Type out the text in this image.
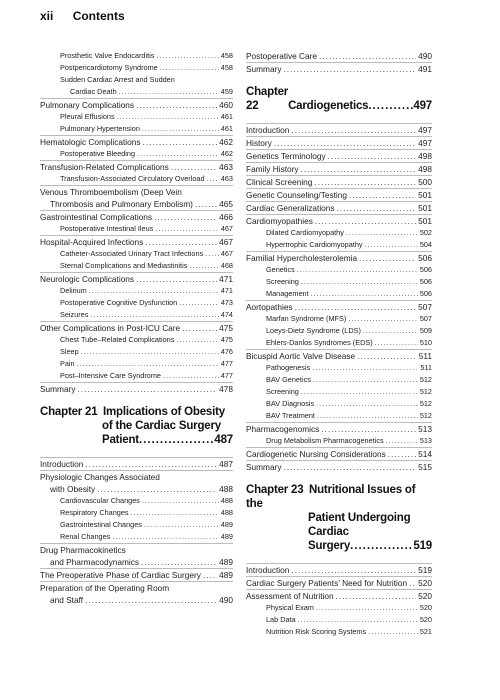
xii Contents
Prosthetic Valve Endocarditis .....	458
Postpericardiotomy Syndrome .....	458
Sudden Cardiac Arrest and Sudden
Cardiac Death .....	459
Pulmonary Complications .....	460
Pleural Effusions .....	461
Pulmonary Hypertension .....	461
Hematologic Complications .....	462
Postoperative Bleeding .....	462
Transfusion-Related Complications .....	463
Transfusion-Associated Circulatory Overload ..... 463
Venous Thromboembolism (Deep Vein
Thrombosis and Pulmonary Embolism) .....	465
Gastrointestinal Complications .....	466
Postoperative Intestinal Ileus .....	467
Hospital-Acquired Infections .....	467
Catheter-Associated Urinary Tract Infections ..... 467
Sternal Complications and Mediastinitis .....	468
Neurologic Complications .....	471
Delirium .....	471
Postoperative Cognitive Dysfunction .....	473
Seizures .....	474
Other Complications in Post-ICU Care .....	475
Chest Tube–Related Complications .....	475
Sleep .....	476
Pain .....	477
Post–Intensive Care Syndrome .....	477
Summary .....	478
Chapter 21 Implications of Obesity
of the Cardiac Surgery
Patient .....	487
Introduction .....	487
Physiologic Changes Associated
with Obesity .....	488
Cardiovascular Changes .....	488
Respiratory Changes .....	488
Gastrointestinal Changes .....	489
Renal Changes .....	489
Drug Pharmacokinetics
and Pharmacodynamics .....	489
The Preoperative Phase of Cardiac Surgery ..... 489
Preparation of the Operating Room
and Staff .....	490
Postoperative Care .....	490
Summary .....	491
Chapter 22 	Cardiogenetics .....	497
Introduction .....	497
History .....	497
Genetics Terminology .....	498
Family History .....	498
Clinical Screening .....	500
Genetic Counseling/Testing .....	501
Cardiac Generalizations .....	501
Cardiomyopathies .....	501
Dilated Cardiomyopathy .....	502
Hypertrophic Cardiomyopathy .....	504
Familial Hypercholesterolemia .....	506
Genetics .....	506
Screening .....	506
Management .....	506
Aortopathies .....	507
Marfan Syndrome (MFS) .....	507
Loeys-Dietz Syndrome (LDS) .....	509
Ehlers-Danlos Syndromes (EDS) .....	510
Bicuspid Aortic Valve Disease .....	511
Pathogenesis .....	511
BAV Genetics .....	512
Screening .....	512
BAV Diagnosis .....	512
BAV Treatment .....	512
Pharmacogenomics .....	513
Drug Metabolism Pharmacogenetics .....	513
Cardiogenetic Nursing Considerations .....	514
Summary .....	515
Chapter 23 Nutritional Issues of the
Patient Undergoing
Cardiac Surgery .....	519
Introduction .....	519
Cardiac Surgery Patients’ Need for Nutrition ..... 520
Assessment of Nutrition .....	520
Physical Exam .....	520
Lab Data .....	520
Nutrition Risk Scoring Systems .....	521
